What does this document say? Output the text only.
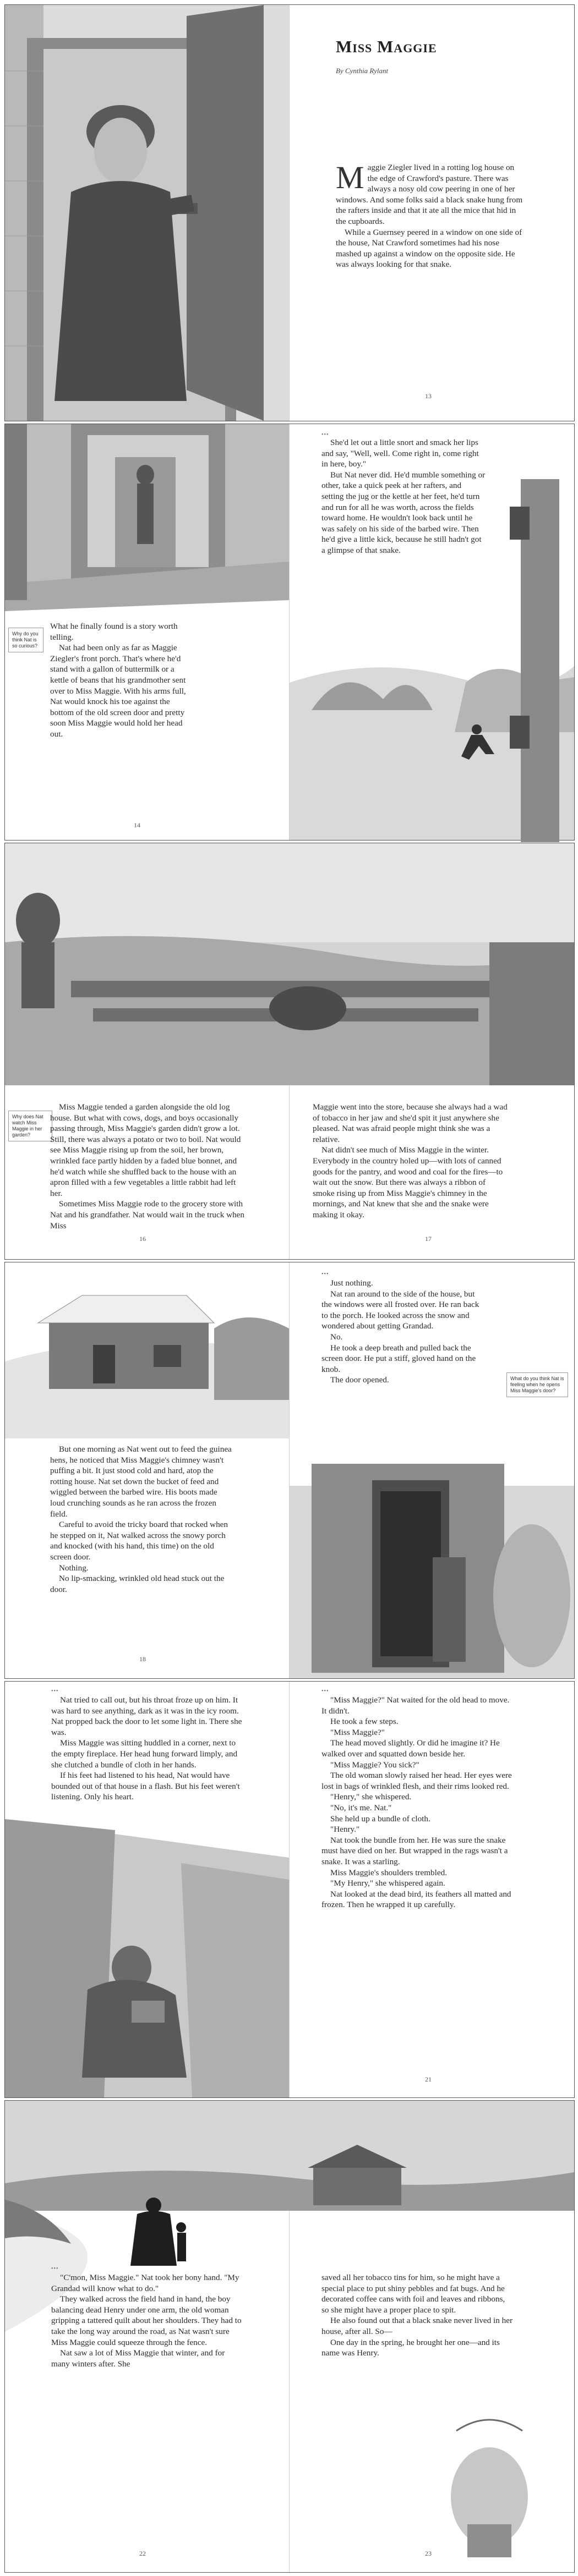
Miss Maggie
By Cynthia Rylant

Maggie Ziegler lived in a rotting log house on the edge of Crawford's pasture. There was always a nosy old cow peering in one of her windows. And some folks said a black snake hung from the rafters inside and that it ate all the mice that hid in the cupboards.

While a Guernsey peered in a window on one side of the house, Nat Crawford sometimes had his nose mashed up against a window on the opposite side. He was always looking for that snake.

13
Why do you think Nat is so curious?

What he finally found is a story worth telling.

Nat had been only as far as Maggie Ziegler's front porch. That's where he'd stand with a gallon of buttermilk or a kettle of beans that his grandmother sent over to Miss Maggie. With his arms full, Nat would knock his toe against the bottom of the old screen door and pretty soon Miss Maggie would hold her head out.

14
•••

She'd let out a little snort and smack her lips and say, "Well, well. Come right in, come right in here, boy."

But Nat never did. He'd mumble something or other, take a quick peek at her rafters, and setting the jug or the kettle at her feet, he'd turn and run for all he was worth, across the fields toward home. He wouldn't look back until he was safely on his side of the barbed wire. Then he'd give a little kick, because he still hadn't got a glimpse of that snake.

Why does Nat watch Miss Maggie in her garden?

Miss Maggie tended a garden alongside the old log house. But what with cows, dogs, and boys occasionally passing through, Miss Maggie's garden didn't grow a lot. Still, there was always a potato or two to boil. Nat would see Miss Maggie rising up from the soil, her brown, wrinkled face partly hidden by a faded blue bonnet, and he'd watch while she shuffled back to the house with an apron filled with a few vegetables a little rabbit had left her.

Sometimes Miss Maggie rode to the grocery store with Nat and his grandfather. Nat would wait in the truck when Miss

16

Maggie went into the store, because she always had a wad of tobacco in her jaw and she'd spit it just anywhere she pleased. Nat was afraid people might think she was a relative.

Nat didn't see much of Miss Maggie in the winter. Everybody in the country holed up—with lots of canned goods for the pantry, and wood and coal for the fires—to wait out the snow. But there was always a ribbon of smoke rising up from Miss Maggie's chimney in the mornings, and Nat knew that she and the snake were making it okay.

17

But one morning as Nat went out to feed the guinea hens, he noticed that Miss Maggie's chimney wasn't puffing a bit. It just stood cold and hard, atop the rotting house. Nat set down the bucket of feed and wiggled between the barbed wire. His boots made loud crunching sounds as he ran across the frozen field.

Careful to avoid the tricky board that rocked when he stepped on it, Nat walked across the snowy porch and knocked (with his hand, this time) on the old screen door.

Nothing.

No lip-smacking, wrinkled old head stuck out the door.

18
•••

Just nothing.

Nat ran around to the side of the house, but the windows were all frosted over. He ran back to the porch. He looked across the snow and wondered about getting Grandad.

No.

He took a deep breath and pulled back the screen door. He put a stiff, gloved hand on the knob.

The door opened.	What do you think Nat is feeling when he opens Miss Maggie's door?
•••

Nat tried to call out, but his throat froze up on him. It was hard to see anything, dark as it was in the icy room. Nat propped back the door to let some light in. There she was.

Miss Maggie was sitting huddled in a corner, next to the empty fireplace. Her head hung forward limply, and she clutched a bundle of cloth in her hands.

If his feet had listened to his head, Nat would have bounded out of that house in a flash. But his feet weren't listening. Only his heart.

•••

"Miss Maggie?" Nat waited for the old head to move. It didn't.

He took a few steps.

"Miss Maggie?"

The head moved slightly. Or did he imagine it? He walked over and squatted down beside her.

"Miss Maggie? You sick?"

The old woman slowly raised her head. Her eyes were lost in bags of wrinkled flesh, and their rims looked red.

"Henry," she whispered.

"No, it's me. Nat."

She held up a bundle of cloth.

"Henry."

Nat took the bundle from her. He was sure the snake must have died on her. But wrapped in the rags wasn't a snake. It was a starling.

Miss Maggie's shoulders trembled.

"My Henry," she whispered again.

Nat looked at the dead bird, its feathers all matted and frozen. Then he wrapped it up carefully.

21
•••

"C'mon, Miss Maggie." Nat took her bony hand. "My Grandad will know what to do."

They walked across the field hand in hand, the boy balancing dead Henry under one arm, the old woman gripping a tattered quilt about her shoulders. They had to take the long way around the road, as Nat wasn't sure Miss Maggie could squeeze through the fence.

Nat saw a lot of Miss Maggie that winter, and for many winters after. She

22

saved all her tobacco tins for him, so he might have a special place to put shiny pebbles and fat bugs. And he decorated coffee cans with foil and leaves and ribbons, so she might have a proper place to spit.

He also found out that a black snake never lived in her house, after all. So—

One day in the spring, he brought her one—and its name was Henry.

23
